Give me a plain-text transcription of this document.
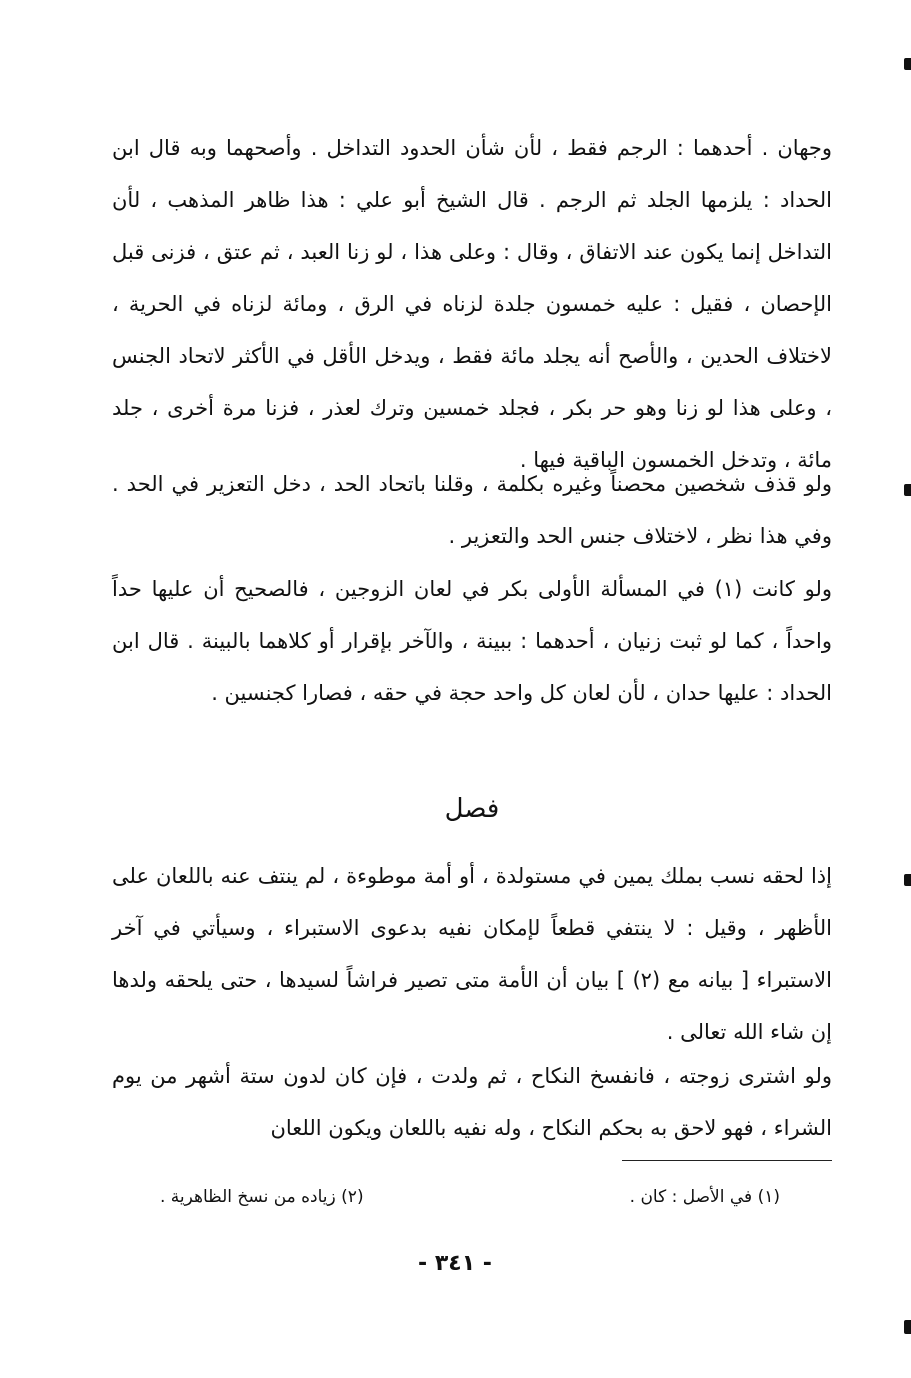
وجهان . أحدهما : الرجم فقط ، لأن شأن الحدود التداخل . وأصحهما وبه قال ابن الحداد : يلزمها الجلد ثم الرجم . قال الشيخ أبو علي : هذا ظاهر المذهب ، لأن التداخل إنما يكون عند الاتفاق ، وقال : وعلى هذا ، لو زنا العبد ، ثم عتق ، فزنى قبل الإحصان ، فقيل : عليه خمسون جلدة لزناه في الرق ، ومائة لزناه في الحرية ، لاختلاف الحدين ، والأصح أنه يجلد مائة فقط ، ويدخل الأقل في الأكثر لاتحاد الجنس ، وعلى هذا لو زنا وهو حر بكر ، فجلد خمسين وترك لعذر ، فزنا مرة أخرى ، جلد مائة ، وتدخل الخمسون الباقية فيها .

ولو قذف شخصين محصناً وغيره بكلمة ، وقلنا باتحاد الحد ، دخل التعزير في الحد . وفي هذا نظر ، لاختلاف جنس الحد والتعزير .

ولو كانت (١) في المسألة الأولى بكر في لعان الزوجين ، فالصحيح أن عليها حداً واحداً ، كما لو ثبت زنيان ، أحدهما : ببينة ، والآخر بإقرار أو كلاهما بالبينة . قال ابن الحداد : عليها حدان ، لأن لعان كل واحد حجة في حقه ، فصارا كجنسين .

فصل

إذا لحقه نسب بملك يمين في مستولدة ، أو أمة موطوءة ، لم ينتف عنه باللعان على الأظهر ، وقيل : لا ينتفي قطعاً لإمكان نفيه بدعوى الاستبراء ، وسيأتي في آخر الاستبراء [ بيانه مع (٢) ] بيان أن الأمة متى تصير فراشاً لسيدها ، حتى يلحقه ولدها إن شاء الله تعالى .

ولو اشترى زوجته ، فانفسخ النكاح ، ثم ولدت ، فإن كان لدون ستة أشهر من يوم الشراء ، فهو لاحق به بحكم النكاح ، وله نفيه باللعان ويكون اللعان

(١) في الأصل : كان .

(٢) زياده من نسخ الظاهرية .

- ٣٤١ -
